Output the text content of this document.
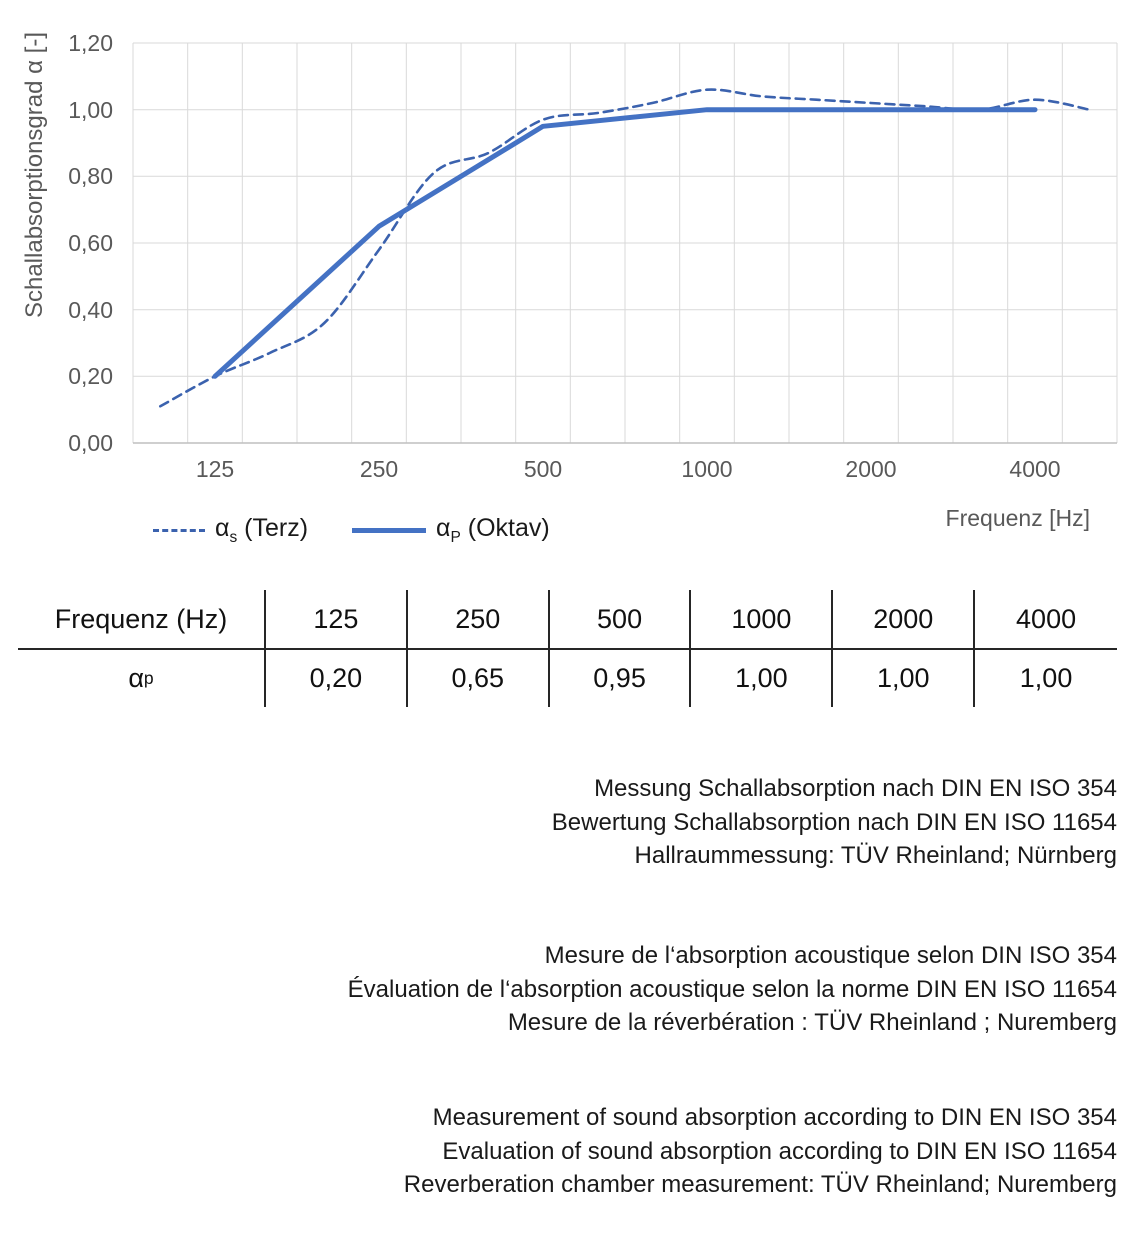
Schallabsorptionsgrad α [-] 1,20
1,00
0,80
0,60
0,40
0,20
0,00
125	250	500	1000	2000	4000
Frequenz [Hz]
$\alpha_s$ (Terz)	$\alpha_P$ (Oktav)
Frequenz (Hz)	125	250	500	1000	2000	4000
α p	0,20	0,65	0,95	1,00	1,00	1,00

Messung Schallabsorption nach DIN EN ISO 354

Bewertung Schallabsorption nach DIN EN ISO 11654

Hallraummessung: TÜV Rheinland; Nürnberg

Mesure de l‘absorption acoustique selon DIN ISO 354

Évaluation de l‘absorption acoustique selon la norme DIN EN ISO 11654

Mesure de la réverbération : TÜV Rheinland ; Nuremberg

Measurement of sound absorption according to DIN EN ISO 354

Evaluation of sound absorption according to DIN EN ISO 11654

Reverberation chamber measurement: TÜV Rheinland; Nuremberg
